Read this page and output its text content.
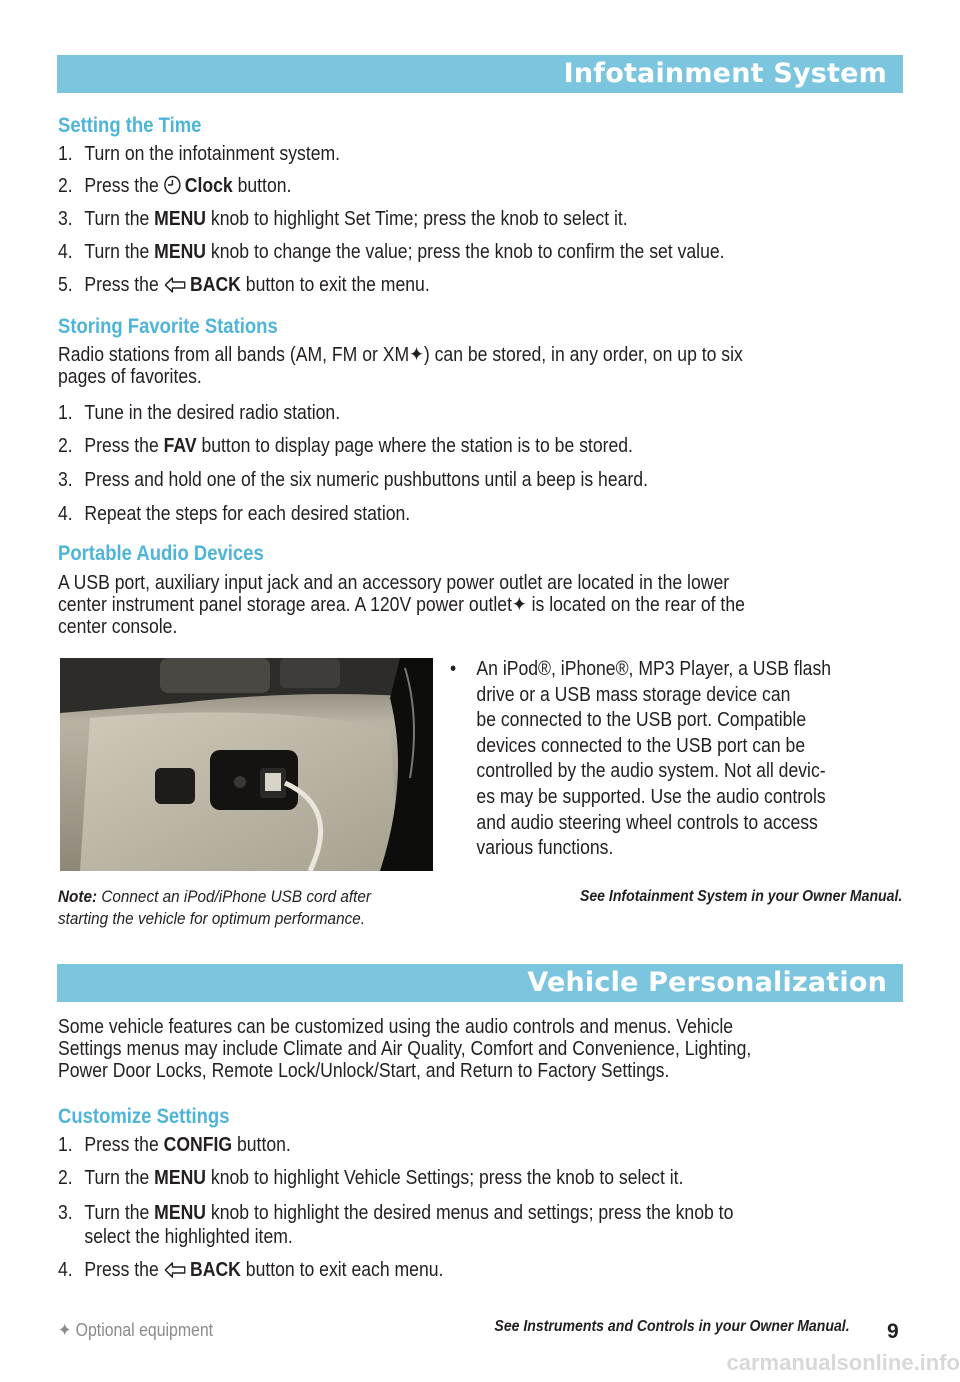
Infotainment System
Setting the Time
1. Turn on the infotainment system.
2. Press the Clock button.
3. Turn the MENU knob to highlight Set Time; press the knob to select it.
4. Turn the MENU knob to change the value; press the knob to confirm the set value.
5. Press the BACK button to exit the menu.
Storing Favorite Stations
Radio stations from all bands (AM, FM or XM✦) can be stored, in any order, on up to six
pages of favorites.
1. Tune in the desired radio station.
2. Press the FAV button to display page where the station is to be stored.
3. Press and hold one of the six numeric pushbuttons until a beep is heard.
4. Repeat the steps for each desired station.
Portable Audio Devices
A USB port, auxiliary input jack and an accessory power outlet are located in the lower
center instrument panel storage area. A 120V power outlet✦ is located on the rear of the
center console.
• An iPod®, iPhone®, MP3 Player, a USB flash
drive or a USB mass storage device can
be connected to the USB port. Compatible
devices connected to the USB port can be
controlled by the audio system. Not all devic-
es may be supported. Use the audio controls
and audio steering wheel controls to access
various functions.
Note: Connect an iPod/iPhone USB cord after
starting the vehicle for optimum performance.
See Infotainment System in your Owner Manual.
Vehicle Personalization
Some vehicle features can be customized using the audio controls and menus. Vehicle
Settings menus may include Climate and Air Quality, Comfort and Convenience, Lighting,
Power Door Locks, Remote Lock/Unlock/Start, and Return to Factory Settings.
Customize Settings
1. Press the CONFIG button.
2. Turn the MENU knob to highlight Vehicle Settings; press the knob to select it.
3. Turn the MENU knob to highlight the desired menus and settings; press the knob to
select the highlighted item.
4. Press the BACK button to exit each menu.
See Instruments and Controls in your Owner Manual.
✦ Optional equipment	9
carmanualsonline.info
